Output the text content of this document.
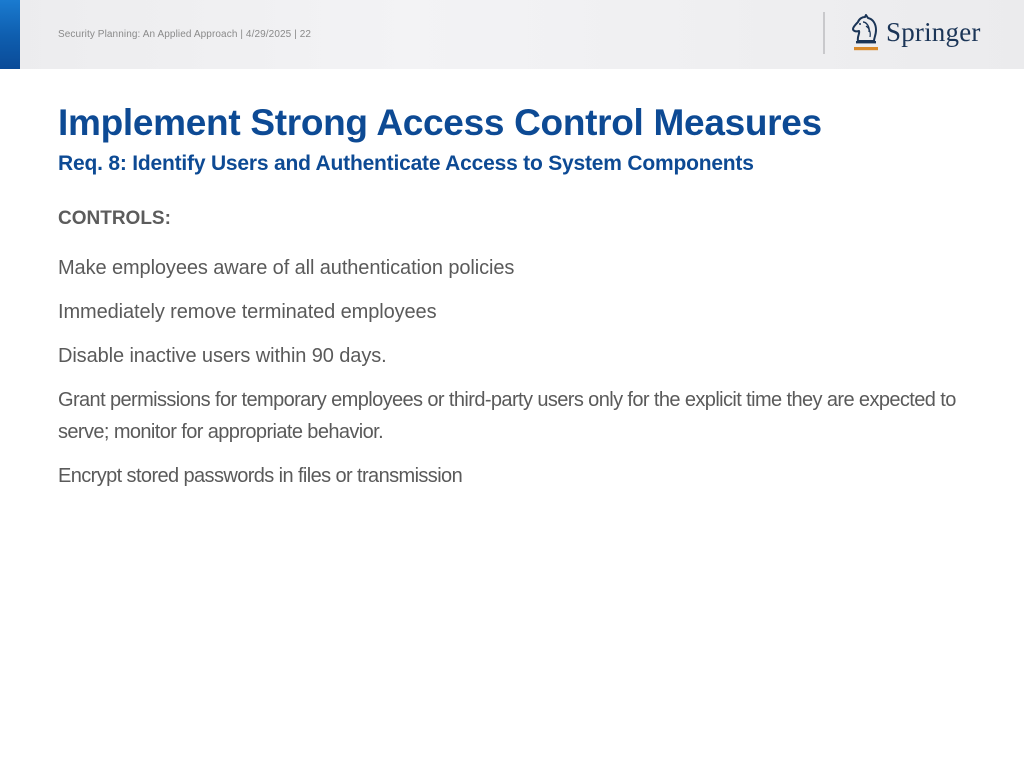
Security Planning: An Applied Approach | 4/29/2025 | 22	Springer
Implement Strong Access Control Measures
Req. 8: Identify Users and Authenticate Access to System Components
CONTROLS:
Make employees aware of all authentication policies
Immediately remove terminated employees
Disable inactive users within 90 days.
Grant permissions for temporary employees or third-party users only for the explicit time they are expected to serve; monitor for appropriate behavior.
Encrypt stored passwords in files or transmission
